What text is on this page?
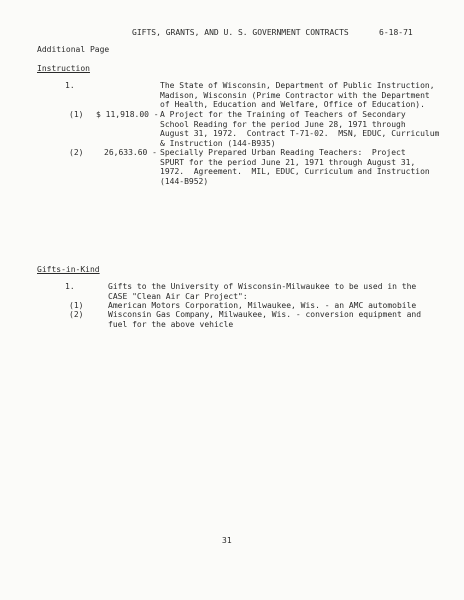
GIFTS, GRANTS, AND U. S. GOVERNMENT CONTRACTS

	6-18-71

Additional Page
Instruction
1.	The State of Wisconsin, Department of Public Instruction,
Madison, Wisconsin (Prime Contractor with the Department
of Health, Education and Welfare, Office of Education).
(1) $ 11,918.00 - A Project for the Training of Teachers of Secondary
School Reading for the period June 28, 1971 through
August 31, 1972.  Contract T-71-02.  MSN, EDUC, Curriculum
& Instruction (144-B935)
(2)	26,633.60 - Specially Prepared Urban Reading Teachers:  Project
SPURT for the period June 21, 1971 through August 31,
1972.  Agreement.  MIL, EDUC, Curriculum and Instruction
(144-B952)
Gifts-in-Kind
1.	Gifts to the University of Wisconsin-Milwaukee to be used in the
CASE "Clean Air Car Project":
(1)	American Motors Corporation, Milwaukee, Wis. - an AMC automobile
(2)	Wisconsin Gas Company, Milwaukee, Wis. - conversion equipment and
fuel for the above vehicle
31
